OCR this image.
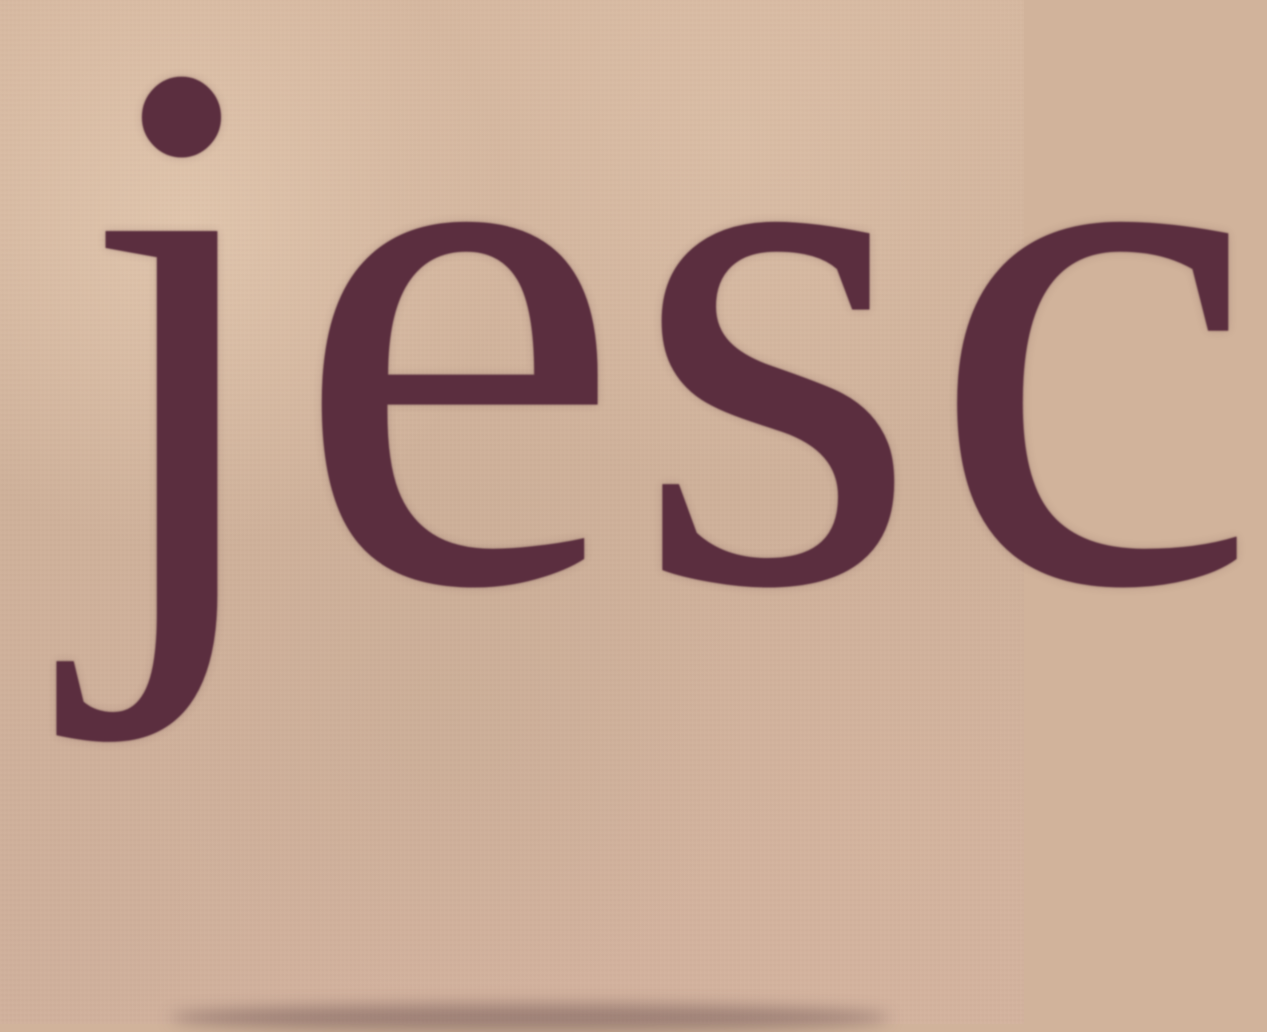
jesc
